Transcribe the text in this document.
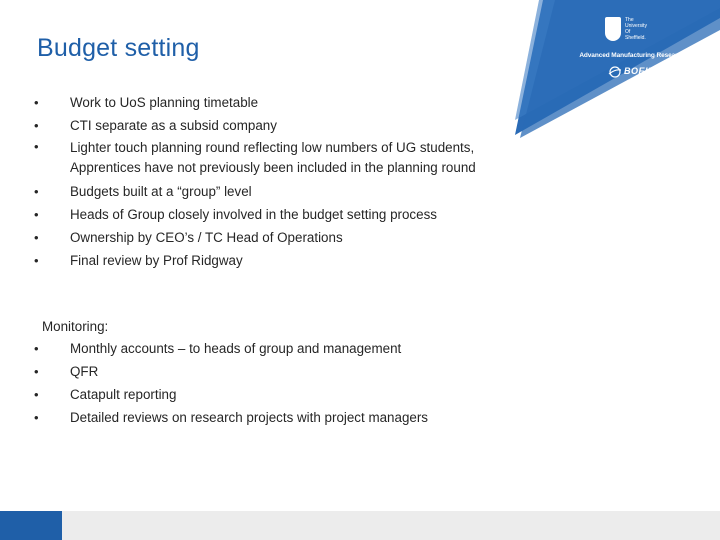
The
University
Of
Sheffield.
Advanced Manufacturing Research Centre
BOEING
Budget setting
• Work to UoS planning timetable
• CTI separate as a subsid company
• Lighter touch planning round reflecting low numbers of UG students, Apprentices have not previously been included in the planning round
• Budgets built at a “group” level
• Heads of Group closely involved in the budget setting process
• Ownership by CEO’s / TC Head of Operations
• Final review by Prof Ridgway
Monitoring:
• Monthly accounts – to heads of group and management
• QFR
• Catapult reporting
• Detailed reviews on research projects with project managers
